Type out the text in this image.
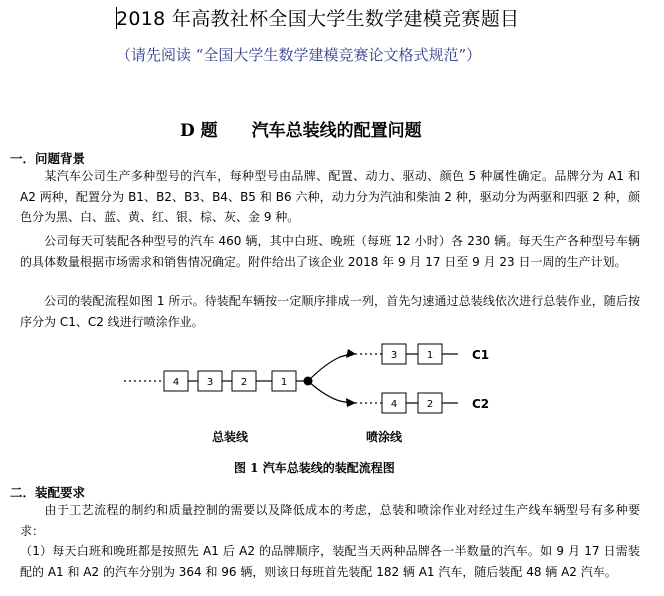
2018 年高教社杯全国大学生数学建模竞赛题目
（请先阅读 “全国大学生数学建模竞赛论文格式规范”）
D 题 汽车总装线的配置问题
一．问题背景
某汽车公司生产多种型号的汽车，每种型号由品牌、配置、动力、驱动、颜色 5 种属性确定。品牌分为 A1 和 A2 两种，配置分为 B1、B2、B3、B4、B5 和 B6 六种，动力分为汽油和柴油 2 种，驱动分为两驱和四驱 2 种，颜色分为黑、白、蓝、黄、红、银、棕、灰、金 9 种。
公司每天可装配各种型号的汽车 460 辆，其中白班、晚班（每班 12 小时）各 230 辆。每天生产各种型号车辆的具体数量根据市场需求和销售情况确定。附件给出了该企业 2018 年 9 月 17 日至 9 月 23 日一周的生产计划。
公司的装配流程如图 1 所示。待装配车辆按一定顺序排成一列，首先匀速通过总装线依次进行总装作业，随后按序分为 C1、C2 线进行喷涂作业。
4	3	2	1
3	1
4	2
C1
C2
总装线	喷涂线
图 1 汽车总装线的装配流程图
二．装配要求
由于工艺流程的制约和质量控制的需要以及降低成本的考虑，总装和喷涂作业对经过生产线车辆型号有多种要求：
（1）每天白班和晚班都是按照先 A1 后 A2 的品牌顺序，装配当天两种品牌各一半数量的汽车。如 9 月 17 日需装配的 A1 和 A2 的汽车分别为 364 和 96 辆，则该日每班首先装配 182 辆 A1 汽车，随后装配 48 辆 A2 汽车。
